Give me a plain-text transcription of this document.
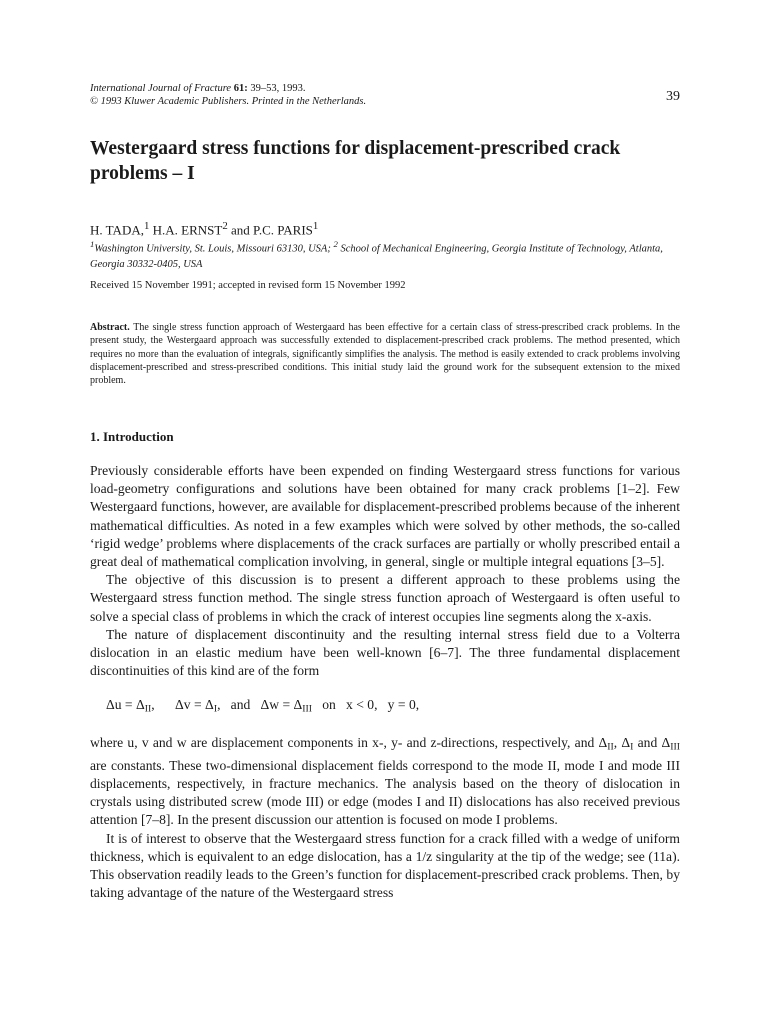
International Journal of Fracture 61: 39–53, 1993.
© 1993 Kluwer Academic Publishers. Printed in the Netherlands.	39
Westergaard stress functions for displacement-prescribed crack problems – I
H. TADA,$^1$ H.A. ERNST$^2$ and P.C. PARIS$^1$
$^1$Washington University, St. Louis, Missouri 63130, USA; $^2$ School of Mechanical Engineering, Georgia Institute of Technology, Atlanta, Georgia 30332-0405, USA
Received 15 November 1991; accepted in revised form 15 November 1992

Abstract. The single stress function approach of Westergaard has been effective for a certain class of stress-prescribed crack problems. In the present study, the Westergaard approach was successfully extended to displacement-prescribed crack problems. The method presented, which requires no more than the evaluation of integrals, significantly simplifies the analysis. The method is easily extended to crack problems involving displacement-prescribed and stress-prescribed conditions. This initial study laid the ground work for the subsequent extension to the mixed problem.

1. Introduction

Previously considerable efforts have been expended on finding Westergaard stress functions for various load-geometry configurations and solutions have been obtained for many crack problems [1–2]. Few Westergaard functions, however, are available for displacement-prescribed problems because of the inherent mathematical difficulties. As noted in a few examples which were solved by other methods, the so-called ‘rigid wedge’ problems where displacements of the crack surfaces are partially or wholly prescribed entail a great deal of mathematical complication involving, in general, single or multiple integral equations [3–5].

The objective of this discussion is to present a different approach to these problems using the Westergaard stress function method. The single stress function aproach of Westergaard is often useful to solve a special class of problems in which the crack of interest occupies line segments along the x-axis.

The nature of displacement discontinuity and the resulting internal stress field due to a Volterra dislocation in an elastic medium have been well-known [6–7]. The three fundamental displacement discontinuities of this kind are of the form

$\Delta u = \Delta_{II}$,      $\Delta v = \Delta_I$,   and   $\Delta w = \Delta_{III}$   on   x < 0,   y = 0,

where u, v and w are displacement components in x-, y- and z-directions, respectively, and $\Delta_{II}$, $\Delta_I$ and $\Delta_{III}$ are constants. These two-dimensional displacement fields correspond to the mode II, mode I and mode III displacements, respectively, in fracture mechanics. The analysis based on the theory of dislocation in crystals using distributed screw (mode III) or edge (modes I and II) dislocations has also received previous attention [7–8]. In the present discussion our attention is focused on mode I problems.

It is of interest to observe that the Westergaard stress function for a crack filled with a wedge of uniform thickness, which is equivalent to an edge dislocation, has a 1/z singularity at the tip of the wedge; see (11a). This observation readily leads to the Green’s function for displacement-prescribed crack problems. Then, by taking advantage of the nature of the Westergaard stress
